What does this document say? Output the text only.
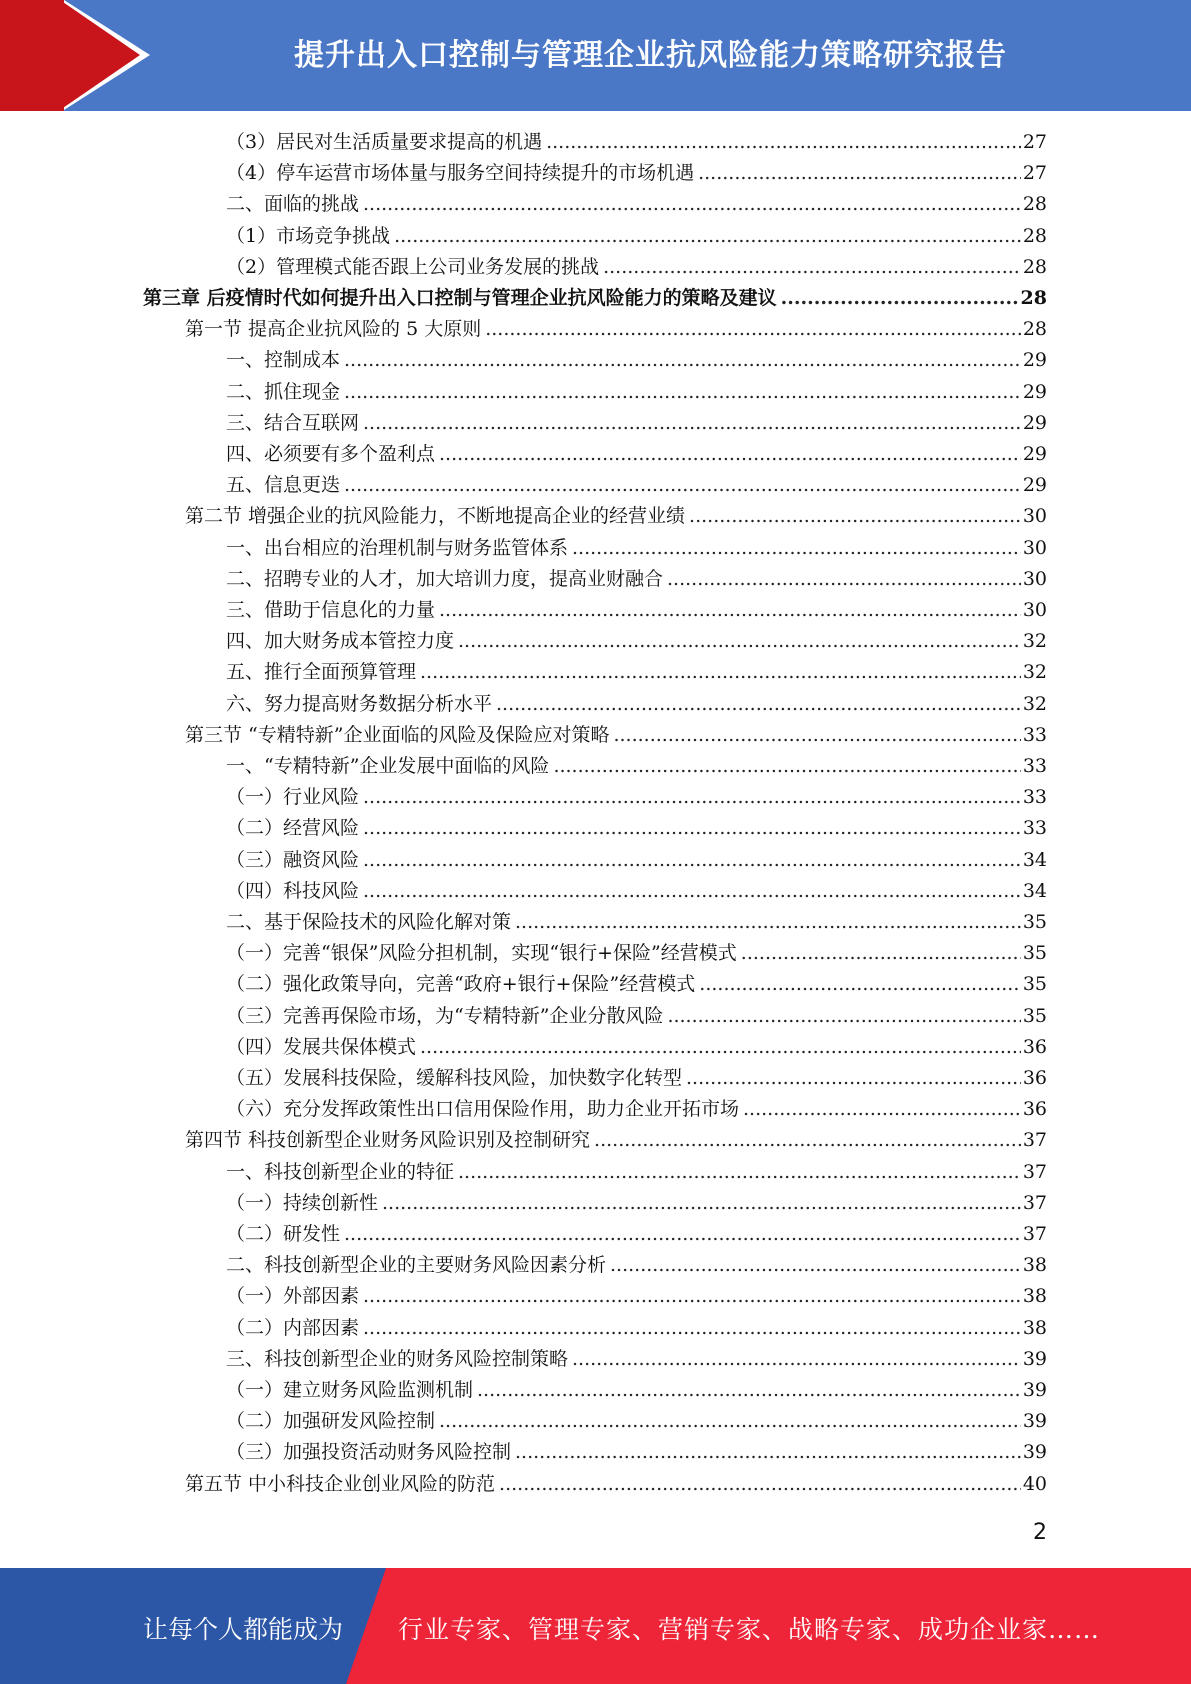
提升出入口控制与管理企业抗风险能力策略研究报告
（3）居民对生活质量要求提高的机遇 .....	27
（4）停车运营市场体量与服务空间持续提升的市场机遇 .....	27
二、面临的挑战 .....	28
（1）市场竞争挑战 .....	28
（2）管理模式能否跟上公司业务发展的挑战 .....	28
第三章 后疫情时代如何提升出入口控制与管理企业抗风险能力的策略及建议 .....	28
第一节 提高企业抗风险的 5 大原则 .....	28
一、控制成本 .....	29
二、抓住现金 .....	29
三、结合互联网 .....	29
四、必须要有多个盈利点 .....	29
五、信息更迭 .....	29
第二节 增强企业的抗风险能力，不断地提高企业的经营业绩 .....	30
一、出台相应的治理机制与财务监管体系 .....	30
二、招聘专业的人才，加大培训力度，提高业财融合 .....	30
三、借助于信息化的力量 .....	30
四、加大财务成本管控力度 .....	32
五、推行全面预算管理 .....	32
六、努力提高财务数据分析水平 .....	32
第三节 “专精特新”企业面临的风险及保险应对策略 .....	33
一、“专精特新”企业发展中面临的风险 .....	33
（一）行业风险 .....	33
（二）经营风险 .....	33
（三）融资风险 .....	34
（四）科技风险 .....	34
二、基于保险技术的风险化解对策 .....	35
（一）完善“银保”风险分担机制，实现“银行+保险”经营模式 .....	35
（二）强化政策导向，完善“政府+银行+保险”经营模式 .....	35
（三）完善再保险市场，为“专精特新”企业分散风险 .....	35
（四）发展共保体模式 .....	36
（五）发展科技保险，缓解科技风险，加快数字化转型 .....	36
（六）充分发挥政策性出口信用保险作用，助力企业开拓市场 .....	36
第四节 科技创新型企业财务风险识别及控制研究 .....	37
一、科技创新型企业的特征 .....	37
（一）持续创新性 .....	37
（二）研发性 .....	37
二、科技创新型企业的主要财务风险因素分析 .....	38
（一）外部因素 .....	38
（二）内部因素 .....	38
三、科技创新型企业的财务风险控制策略 .....	39
（一）建立财务风险监测机制 .....	39
（二）加强研发风险控制 .....	39
（三）加强投资活动财务风险控制 .....	39
第五节 中小科技企业创业风险的防范 .....	40
2
让每个人都能成为 行业专家、管理专家、营销专家、战略专家、成功企业家……
